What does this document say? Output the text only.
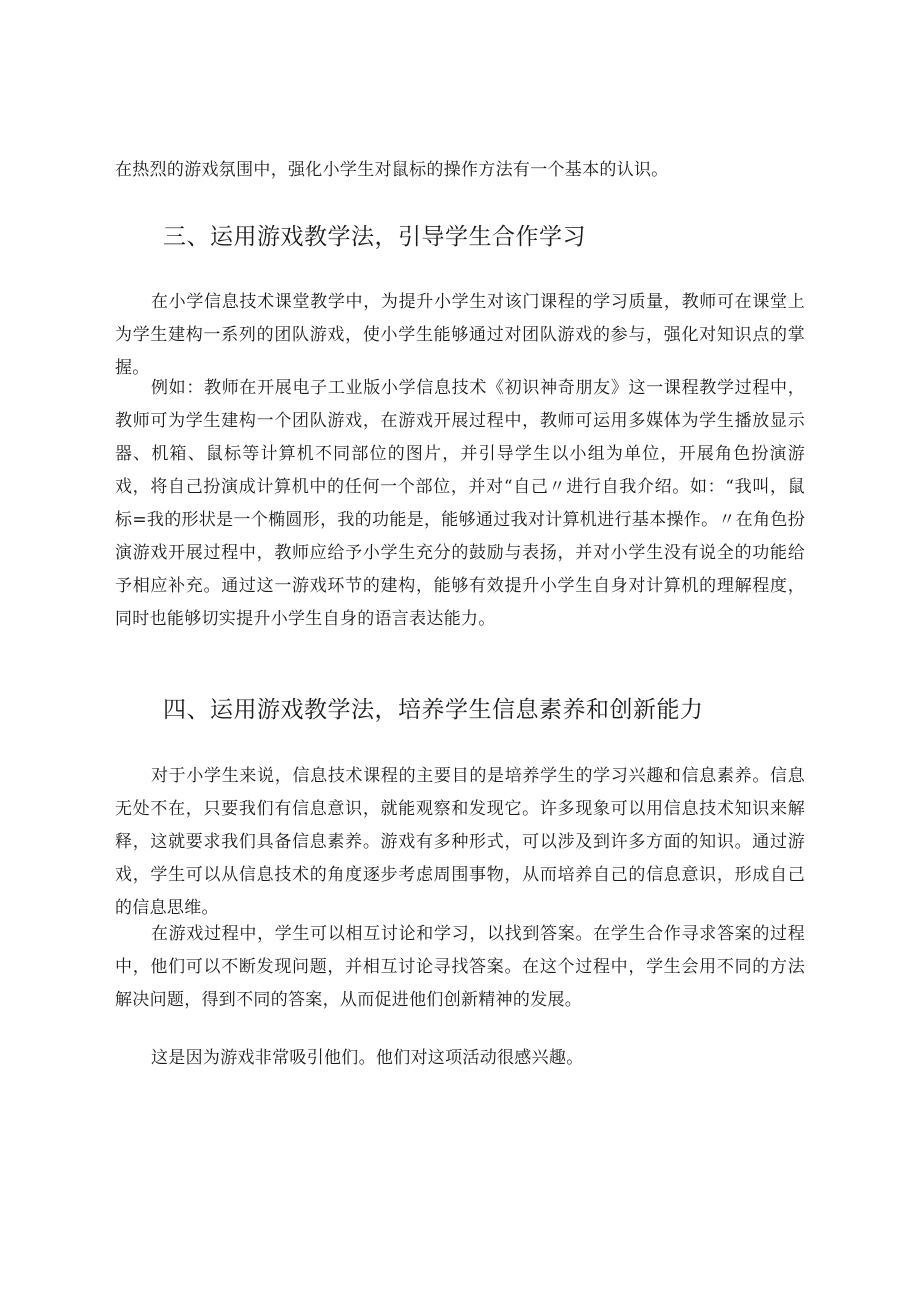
在热烈的游戏氛围中，强化小学生对鼠标的操作方法有一个基本的认识。

三、运用游戏教学法，引导学生合作学习

在小学信息技术课堂教学中，为提升小学生对该门课程的学习质量，教师可在课堂上为学生建构一系列的团队游戏，使小学生能够通过对团队游戏的参与，强化对知识点的掌握。

例如：教师在开展电子工业版小学信息技术《初识神奇朋友》这一课程教学过程中，教师可为学生建构一个团队游戏，在游戏开展过程中，教师可运用多媒体为学生播放显示器、机箱、鼠标等计算机不同部位的图片，并引导学生以小组为单位，开展角色扮演游戏，将自己扮演成计算机中的任何一个部位，并对“自己〃进行自我介绍。如：“我叫，鼠标=我的形状是一个椭圆形，我的功能是，能够通过我对计算机进行基本操作。〃在角色扮演游戏开展过程中，教师应给予小学生充分的鼓励与表扬，并对小学生没有说全的功能给予相应补充。通过这一游戏环节的建构，能够有效提升小学生自身对计算机的理解程度，同时也能够切实提升小学生自身的语言表达能力。

四、运用游戏教学法，培养学生信息素养和创新能力

对于小学生来说，信息技术课程的主要目的是培养学生的学习兴趣和信息素养。信息无处不在，只要我们有信息意识，就能观察和发现它。许多现象可以用信息技术知识来解释，这就要求我们具备信息素养。游戏有多种形式，可以涉及到许多方面的知识。通过游戏，学生可以从信息技术的角度逐步考虑周围事物，从而培养自己的信息意识，形成自己的信息思维。

在游戏过程中，学生可以相互讨论和学习，以找到答案。在学生合作寻求答案的过程中，他们可以不断发现问题，并相互讨论寻找答案。在这个过程中，学生会用不同的方法解决问题，得到不同的答案，从而促进他们创新精神的发展。

这是因为游戏非常吸引他们。他们对这项活动很感兴趣。
